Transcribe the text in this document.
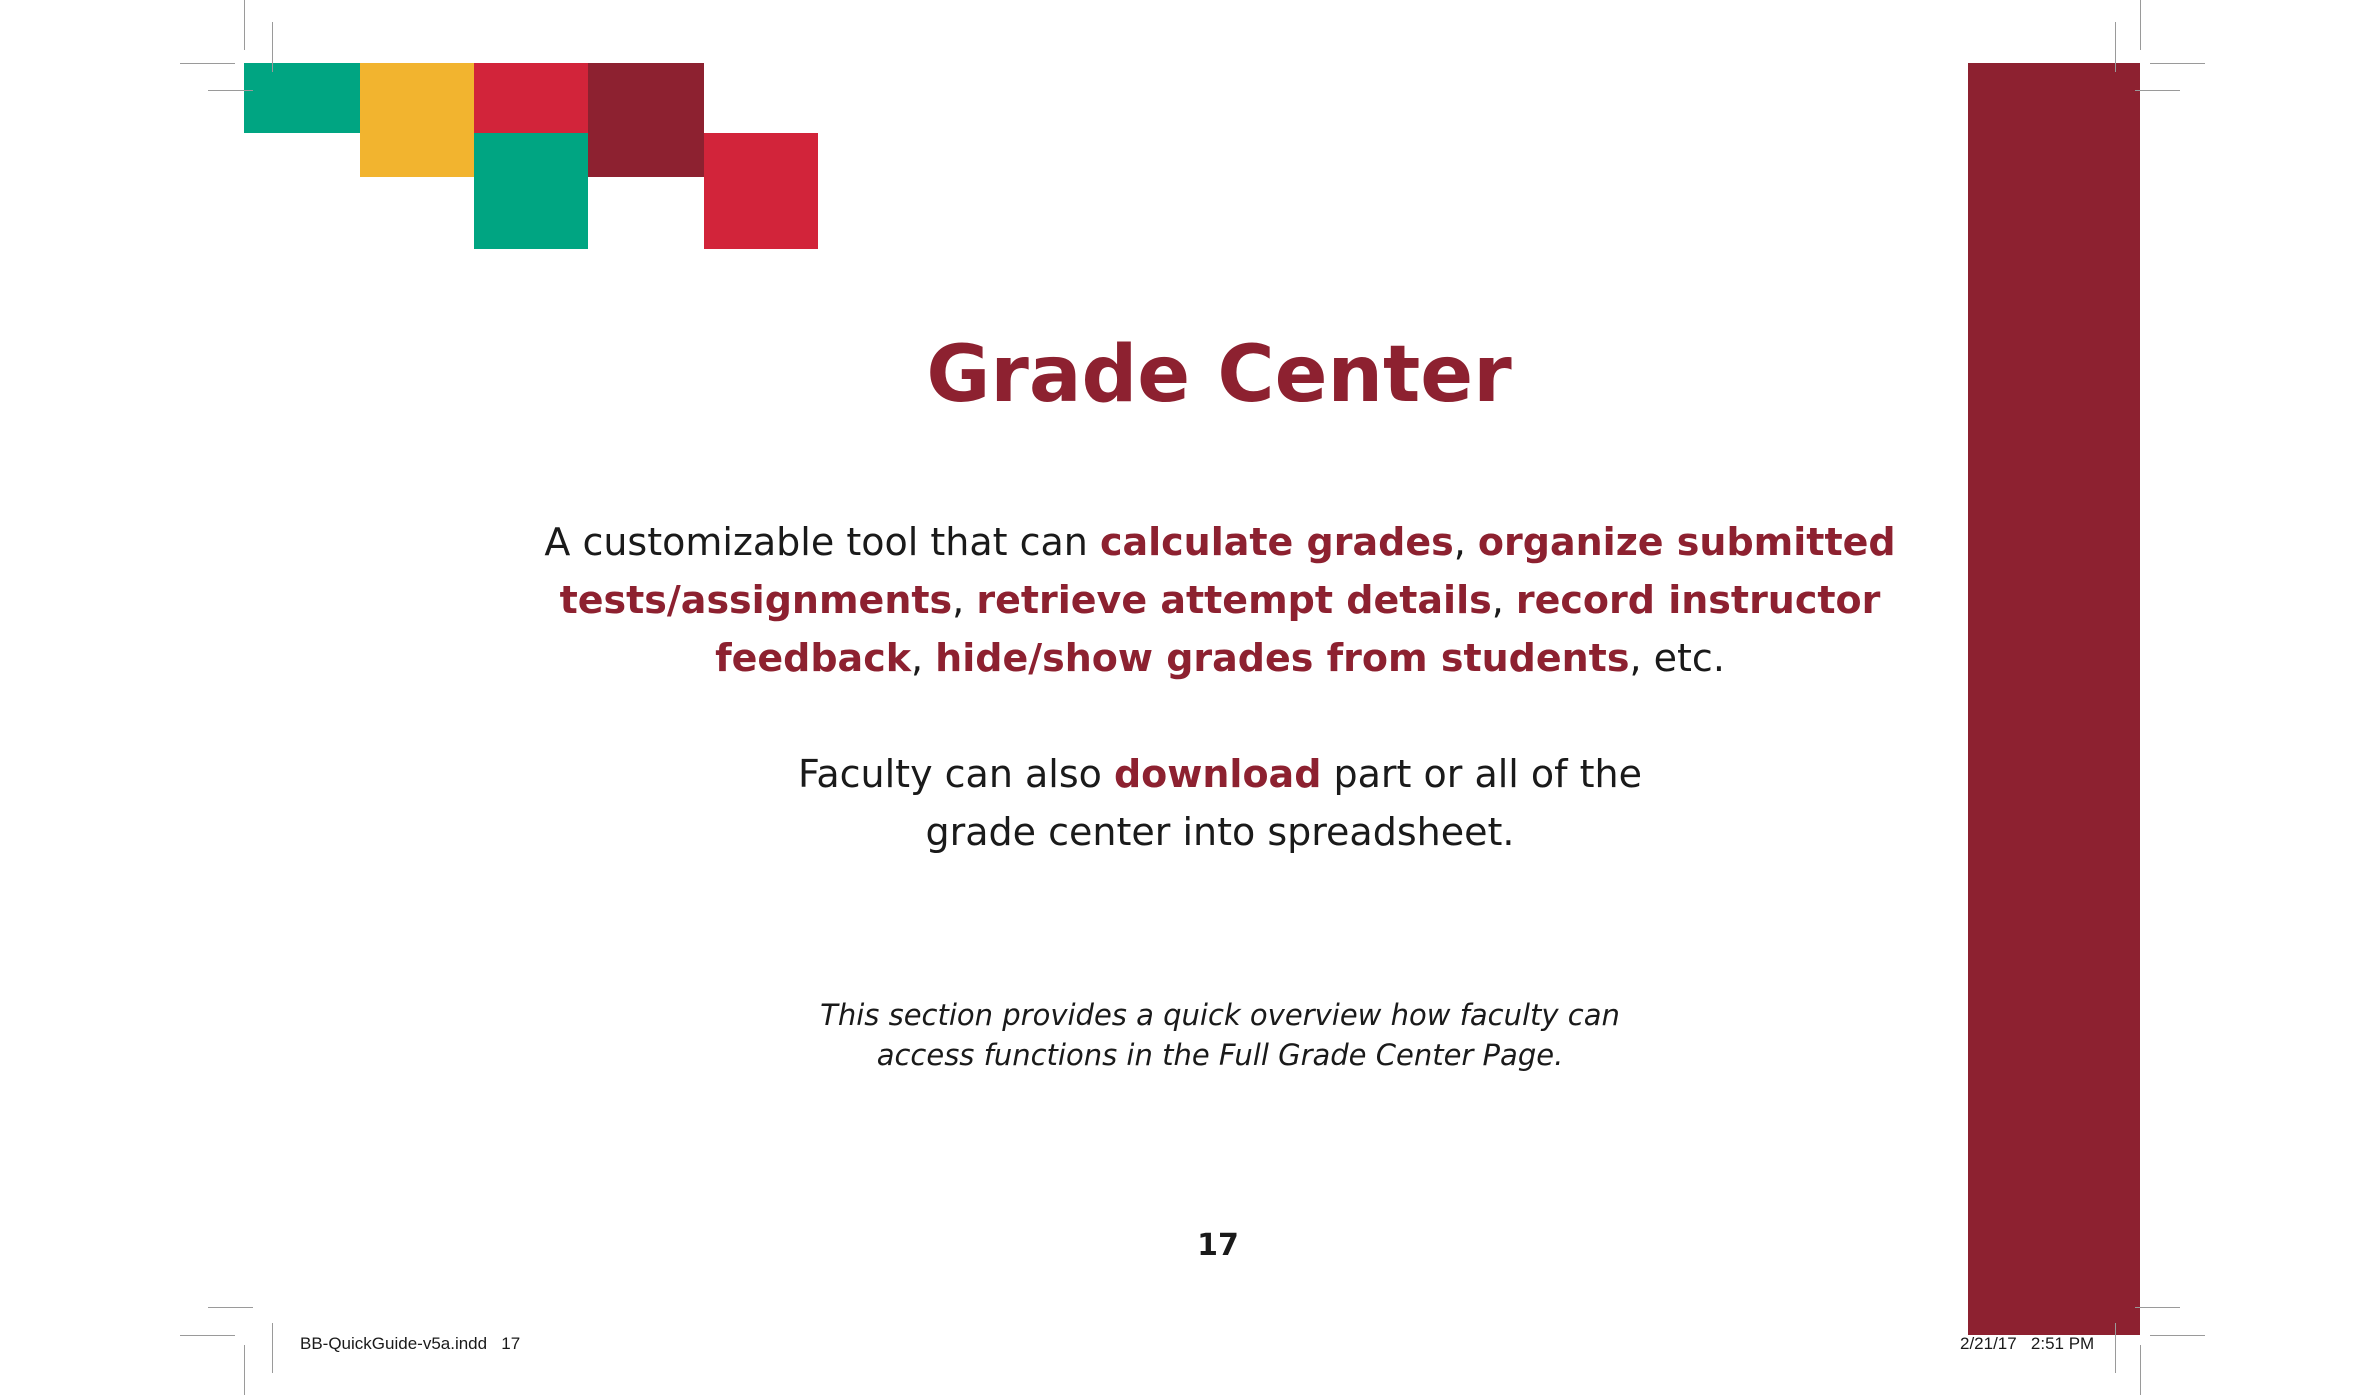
Grade Center

A customizable tool that can calculate grades, organize submitted tests/assignments, retrieve attempt details, record instructor feedback, hide/show grades from students, etc.

Faculty can also download part or all of the
grade center into spreadsheet.

This section provides a quick overview how faculty can
access functions in the Full Grade Center Page.

17
BB-QuickGuide-v5a.indd   17	2/21/17   2:51 PM
